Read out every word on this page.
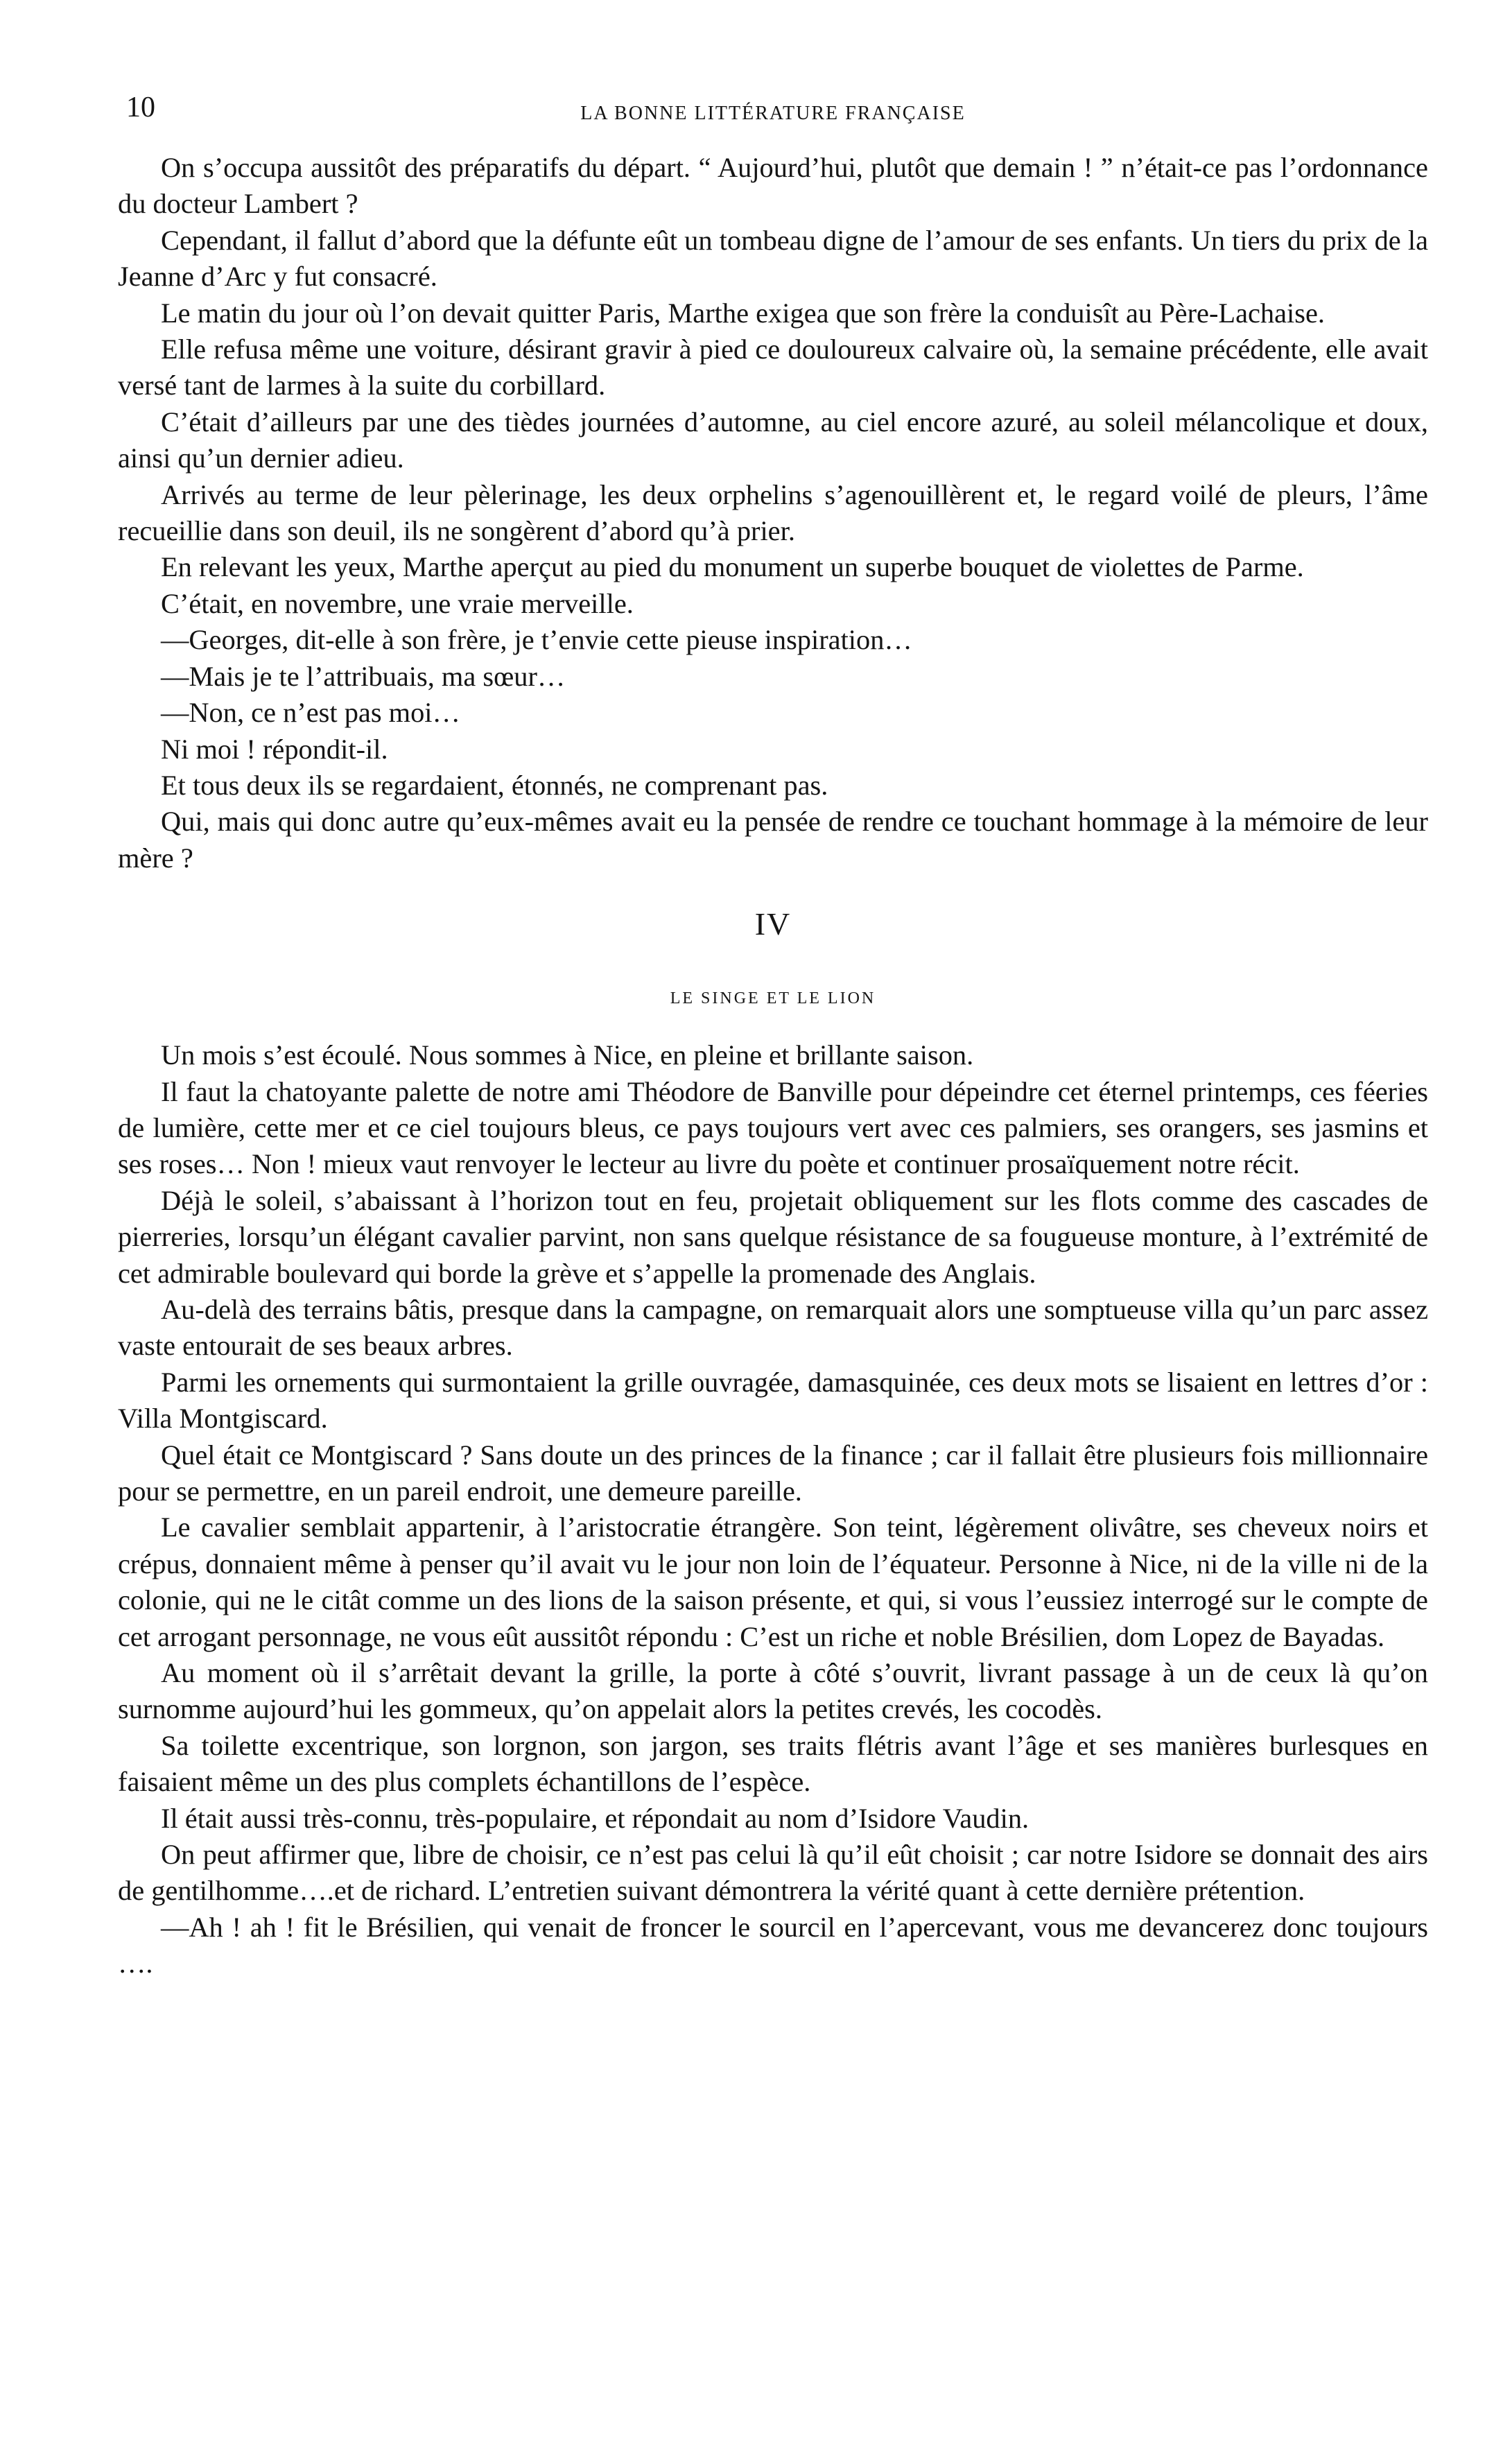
10	LA BONNE LITTÉRATURE FRANÇAISE

On s’occupa aussitôt des préparatifs du départ. “ Aujourd’hui, plutôt que demain ! ” n’était-ce pas l’ordonnance du docteur Lambert ?

Cependant, il fallut d’abord que la défunte eût un tombeau digne de l’amour de ses enfants. Un tiers du prix de la Jeanne d’Arc y fut consacré.

Le matin du jour où l’on devait quitter Paris, Marthe exigea que son frère la conduisît au Père-Lachaise.

Elle refusa même une voiture, désirant gravir à pied ce douloureux calvaire où, la semaine précédente, elle avait versé tant de larmes à la suite du corbillard.

C’était d’ailleurs par une des tièdes journées d’automne, au ciel encore azuré, au soleil mélancolique et doux, ainsi qu’un dernier adieu.

Arrivés au terme de leur pèlerinage, les deux orphelins s’agenouillèrent et, le regard voilé de pleurs, l’âme recueillie dans son deuil, ils ne songèrent d’abord qu’à prier.

En relevant les yeux, Marthe aperçut au pied du monument un superbe bouquet de violettes de Parme.

C’était, en novembre, une vraie merveille.

—Georges, dit-elle à son frère, je t’envie cette pieuse inspiration…

—Mais je te l’attribuais, ma sœur…

—Non, ce n’est pas moi…

Ni moi ! répondit-il.

Et tous deux ils se regardaient, étonnés, ne comprenant pas.

Qui, mais qui donc autre qu’eux-mêmes avait eu la pensée de rendre ce touchant hommage à la mémoire de leur mère ?

IV
LE SINGE ET LE LION

Un mois s’est écoulé. Nous sommes à Nice, en pleine et brillante saison.

Il faut la chatoyante palette de notre ami Théodore de Banville pour dépeindre cet éternel printemps, ces féeries de lumière, cette mer et ce ciel toujours bleus, ce pays toujours vert avec ces palmiers, ses orangers, ses jasmins et ses roses… Non ! mieux vaut renvoyer le lecteur au livre du poète et continuer prosaïquement notre récit.

Déjà le soleil, s’abaissant à l’horizon tout en feu, projetait obliquement sur les flots comme des cascades de pierreries, lorsqu’un élégant cavalier parvint, non sans quelque résistance de sa fougueuse monture, à l’extrémité de cet admirable boulevard qui borde la grève et s’appelle la promenade des Anglais.

Au-delà des terrains bâtis, presque dans la campagne, on remarquait alors une somptueuse villa qu’un parc assez vaste entourait de ses beaux arbres.

Parmi les ornements qui surmontaient la grille ouvragée, damasquinée, ces deux mots se lisaient en lettres d’or : Villa Montgiscard.

Quel était ce Montgiscard ? Sans doute un des princes de la finance ; car il fallait être plusieurs fois millionnaire pour se permettre, en un pareil endroit, une demeure pareille.

Le cavalier semblait appartenir, à l’aristocratie étrangère. Son teint, légèrement olivâtre, ses cheveux noirs et crépus, donnaient même à penser qu’il avait vu le jour non loin de l’équateur. Personne à Nice, ni de la ville ni de la colonie, qui ne le citât comme un des lions de la saison présente, et qui, si vous l’eussiez interrogé sur le compte de cet arrogant personnage, ne vous eût aussitôt répondu : C’est un riche et noble Brésilien, dom Lopez de Bayadas.

Au moment où il s’arrêtait devant la grille, la porte à côté s’ouvrit, livrant passage à un de ceux là qu’on surnomme aujourd’hui les gommeux, qu’on appelait alors la petites crevés, les cocodès.

Sa toilette excentrique, son lorgnon, son jargon, ses traits flétris avant l’âge et ses manières burlesques en faisaient même un des plus complets échantillons de l’espèce.

Il était aussi très-connu, très-populaire, et répondait au nom d’Isidore Vaudin.

On peut affirmer que, libre de choisir, ce n’est pas celui là qu’il eût choisit ; car notre Isidore se donnait des airs de gentilhomme….et de richard. L’entretien suivant démontrera la vérité quant à cette dernière prétention.

—Ah ! ah ! fit le Brésilien, qui venait de froncer le sourcil en l’apercevant, vous me devancerez donc toujours ….
